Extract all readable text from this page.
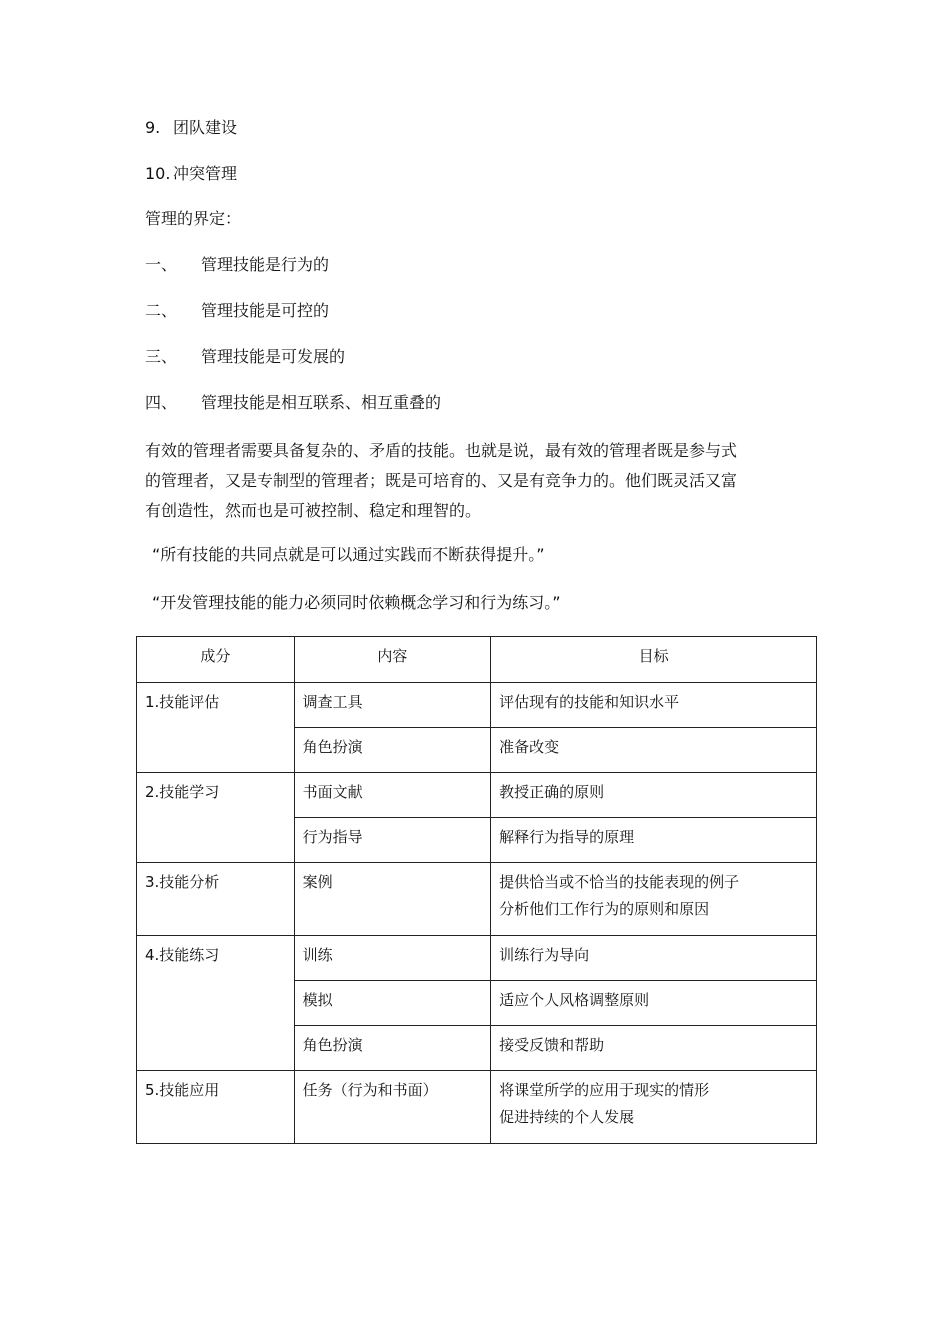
9. 团队建设
10. 冲突管理
管理的界定：
一、 管理技能是行为的
二、 管理技能是可控的
三、 管理技能是可发展的
四、 管理技能是相互联系、相互重叠的
有效的管理者需要具备复杂的、矛盾的技能。也就是说，最有效的管理者既是参与式
的管理者，又是专制型的管理者；既是可培育的、又是有竞争力的。他们既灵活又富
有创造性，然而也是可被控制、稳定和理智的。
“所有技能的共同点就是可以通过实践而不断获得提升。”
“开发管理技能的能力必须同时依赖概念学习和行为练习。”
成分	内容	目标
1.技能评估	调查工具	评估现有的技能和知识水平
	角色扮演	准备改变
2.技能学习	书面文献	教授正确的原则
	行为指导	解释行为指导的原理
3.技能分析	案例	提供恰当或不恰当的技能表现的例子
分析他们工作行为的原则和原因

4.技能练习	训练	训练行为导向
	模拟	适应个人风格调整原则
	角色扮演	接受反馈和帮助
5.技能应用	任务（行为和书面）	将课堂所学的应用于现实的情形
促进持续的个人发展
